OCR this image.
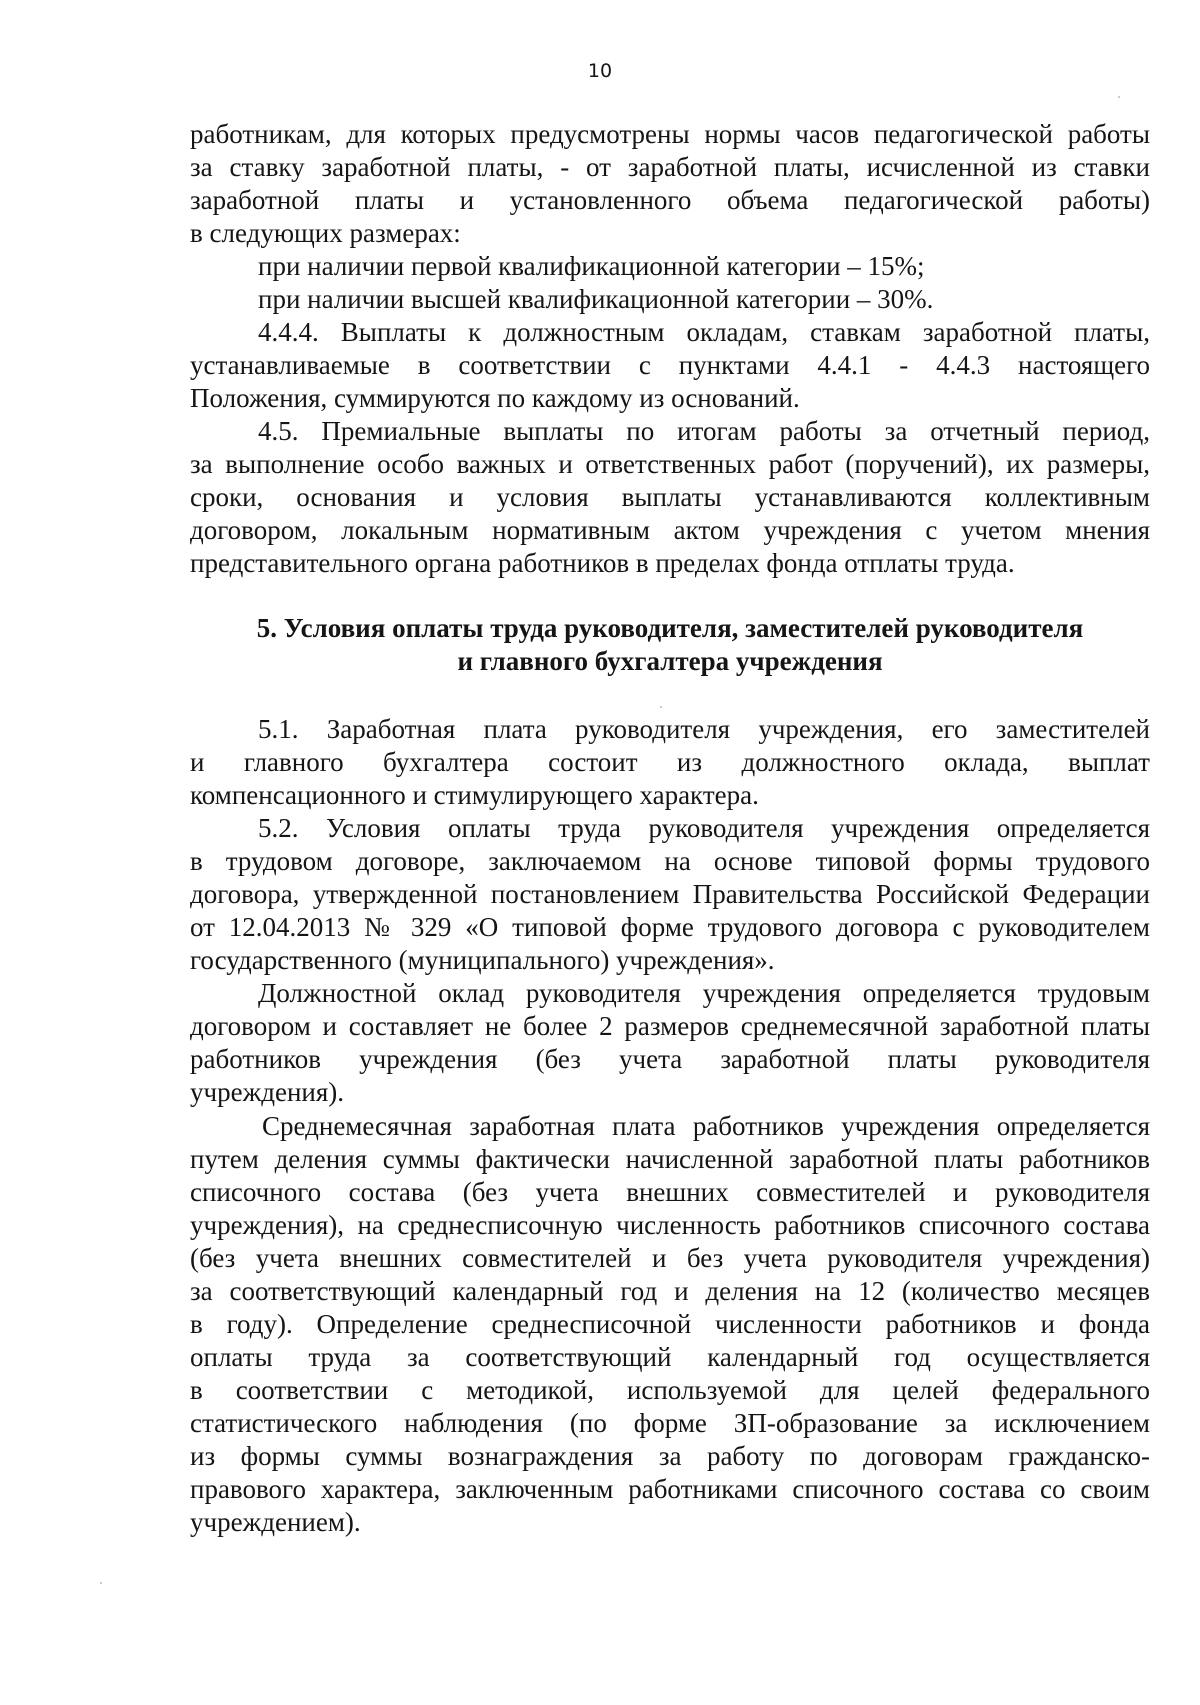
10
работникам, для которых предусмотрены нормы часов педагогической работы
за ставку заработной платы, - от заработной платы, исчисленной из ставки
заработной платы и установленного объема педагогической работы)
в следующих размерах:
при наличии первой квалификационной категории – 15%;
при наличии высшей квалификационной категории – 30%.
4.4.4. Выплаты к должностным окладам, ставкам заработной платы,
устанавливаемые в соответствии с пунктами 4.4.1 - 4.4.3 настоящего
Положения, суммируются по каждому из оснований.
4.5. Премиальные выплаты по итогам работы за отчетный период,
за выполнение особо важных и ответственных работ (поручений), их размеры,
сроки, основания и условия выплаты устанавливаются коллективным
договором, локальным нормативным актом учреждения с учетом мнения
представительного органа работников в пределах фонда отплаты труда.
5. Условия оплаты труда руководителя, заместителей руководителя
и главного бухгалтера учреждения
5.1. Заработная плата руководителя учреждения, его заместителей
и главного бухгалтера состоит из должностного оклада, выплат
компенсационного и стимулирующего характера.
5.2. Условия оплаты труда руководителя учреждения определяется
в трудовом договоре, заключаемом на основе типовой формы трудового
договора, утвержденной постановлением Правительства Российской Федерации
от 12.04.2013 № 329 «О типовой форме трудового договора с руководителем
государственного (муниципального) учреждения».
Должностной оклад руководителя учреждения определяется трудовым
договором и составляет не более 2 размеров среднемесячной заработной платы
работников учреждения (без учета заработной платы руководителя
учреждения).
Среднемесячная заработная плата работников учреждения определяется
путем деления суммы фактически начисленной заработной платы работников
списочного состава (без учета внешних совместителей и руководителя
учреждения), на среднесписочную численность работников списочного состава
(без учета внешних совместителей и без учета руководителя учреждения)
за соответствующий календарный год и деления на 12 (количество месяцев
в году). Определение среднесписочной численности работников и фонда
оплаты труда за соответствующий календарный год осуществляется
в соответствии с методикой, используемой для целей федерального
статистического наблюдения (по форме ЗП-образование за исключением
из формы суммы вознаграждения за работу по договорам гражданско-
правового характера, заключенным работниками списочного состава со своим
учреждением).
